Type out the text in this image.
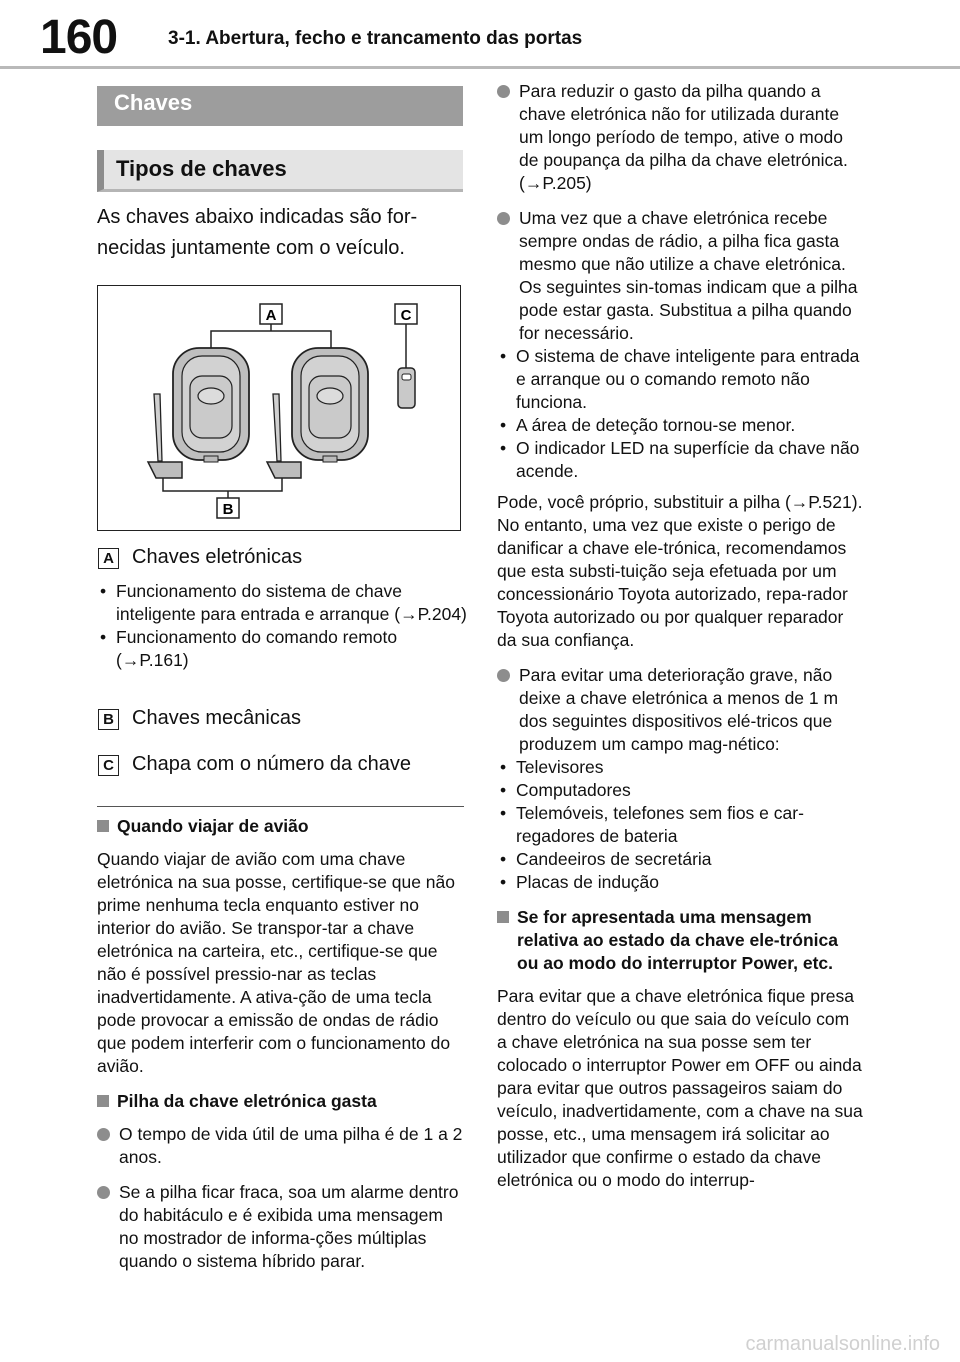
160	3-1. Abertura, fecho e trancamento das portas
Chaves
Tipos de chaves
As chaves abaixo indicadas são for-necidas juntamente com o veículo.
A	C
B
A Chaves eletrónicas
• Funcionamento do sistema de chave inteligente para entrada e arranque (→P.204)
• Funcionamento do comando remoto (→P.161)
B Chaves mecânicas
C Chapa com o número da chave
Quando viajar de avião
Quando viajar de avião com uma chave eletrónica na sua posse, certifique-se que não prime nenhuma tecla enquanto estiver no interior do avião. Se transpor-tar a chave eletrónica na carteira, etc., certifique-se que não é possível pressio-nar as teclas inadvertidamente. A ativa-ção de uma tecla pode provocar a emissão de ondas de rádio que podem interferir com o funcionamento do avião.
Pilha da chave eletrónica gasta
O tempo de vida útil de uma pilha é de 1 a 2 anos.
Se a pilha ficar fraca, soa um alarme dentro do habitáculo e é exibida uma mensagem no mostrador de informa-ções múltiplas quando o sistema híbrido parar.
Para reduzir o gasto da pilha quando a chave eletrónica não for utilizada durante um longo período de tempo, ative o modo de poupança da pilha da chave eletrónica. (→P.205)
Uma vez que a chave eletrónica recebe sempre ondas de rádio, a pilha fica gasta mesmo que não utilize a chave eletrónica. Os seguintes sin-tomas indicam que a pilha pode estar gasta. Substitua a pilha quando for necessário.
• O sistema de chave inteligente para entrada e arranque ou o comando remoto não funciona.
• A área de deteção tornou-se menor.
• O indicador LED na superfície da chave não acende.
Pode, você próprio, substituir a pilha (→P.521). No entanto, uma vez que existe o perigo de danificar a chave ele-trónica, recomendamos que esta substi-tuição seja efetuada por um concessionário Toyota autorizado, repa-rador Toyota autorizado ou por qualquer reparador da sua confiança.
Para evitar uma deterioração grave, não deixe a chave eletrónica a menos de 1 m dos seguintes dispositivos elé-tricos que produzem um campo mag-nético:
• Televisores
• Computadores
• Telemóveis, telefones sem fios e car-regadores de bateria
• Candeeiros de secretária
• Placas de indução
Se for apresentada uma mensagem relativa ao estado da chave ele-trónica ou ao modo do interruptor Power, etc.
Para evitar que a chave eletrónica fique presa dentro do veículo ou que saia do veículo com a chave eletrónica na sua posse sem ter colocado o interruptor Power em OFF ou ainda para evitar que outros passageiros saiam do veículo, inadvertidamente, com a chave na sua posse, etc., uma mensagem irá solicitar ao utilizador que confirme o estado da chave eletrónica ou o modo do interrup-
carmanualsonline.info
